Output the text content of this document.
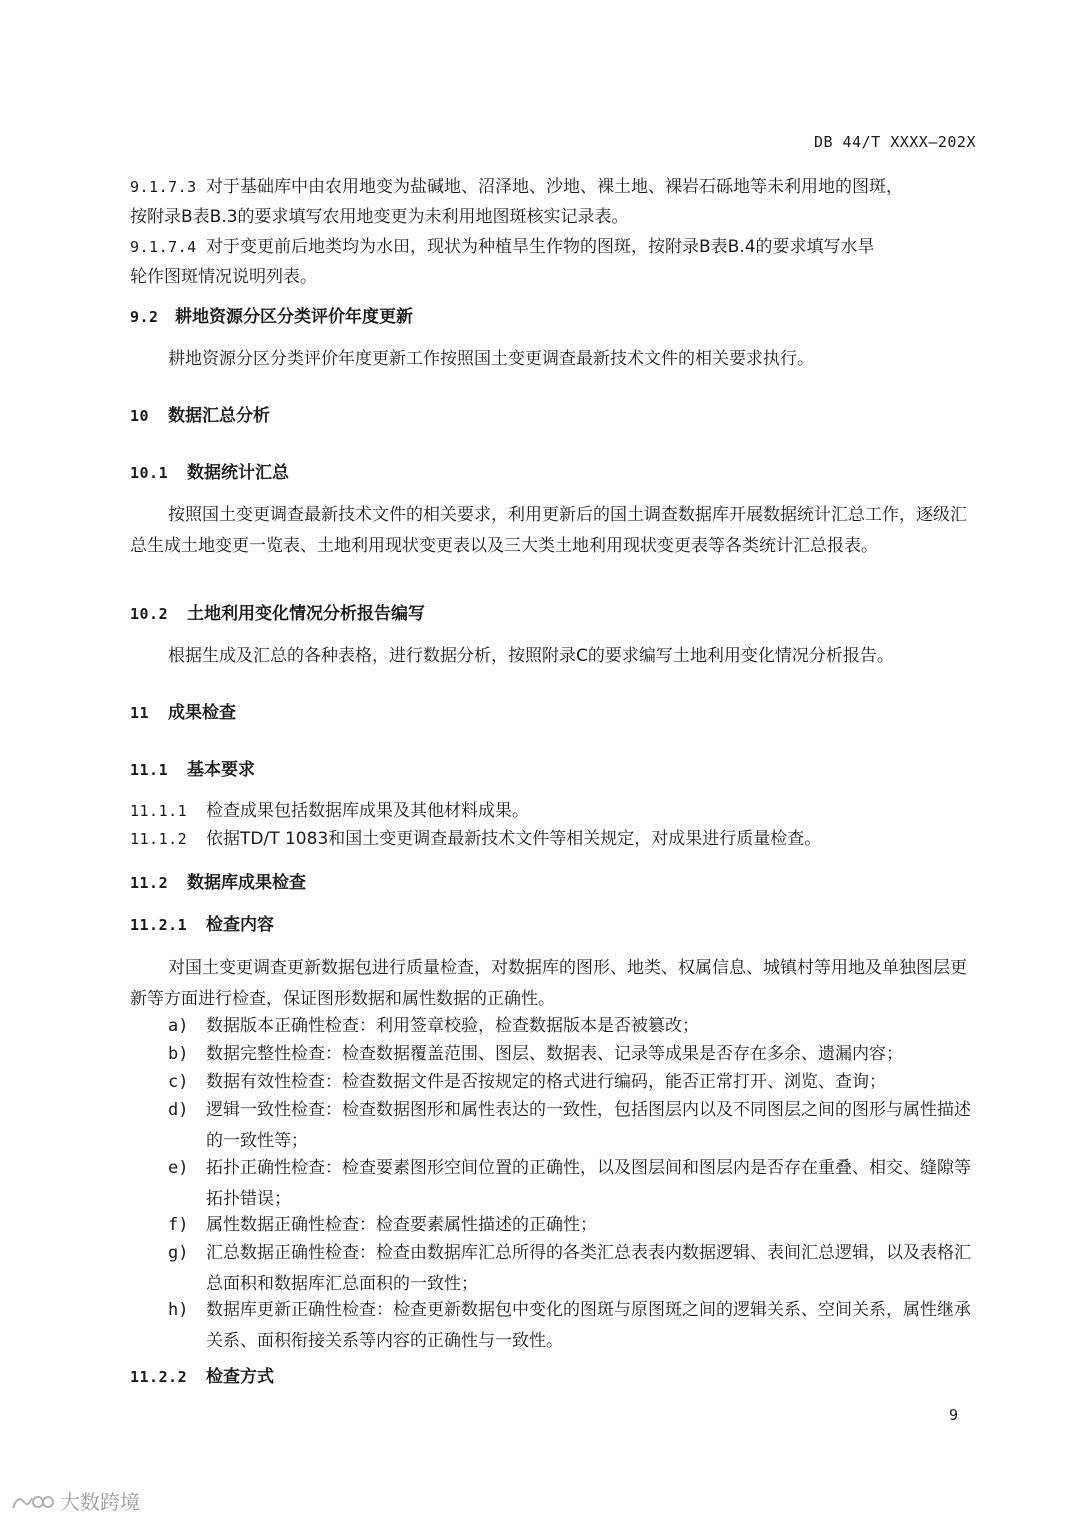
DB 44/T XXXX—202X
9.1.7.3 对于基础库中由农用地变为盐碱地、沼泽地、沙地、裸土地、裸岩石砾地等未利用地的图斑，
按附录B表B.3的要求填写农用地变更为未利用地图斑核实记录表。
9.1.7.4 对于变更前后地类均为水田，现状为种植旱生作物的图斑，按附录B表B.4的要求填写水旱
轮作图斑情况说明列表。
9.2 耕地资源分区分类评价年度更新
耕地资源分区分类评价年度更新工作按照国土变更调查最新技术文件的相关要求执行。
10 数据汇总分析
10.1 数据统计汇总
按照国土变更调查最新技术文件的相关要求，利用更新后的国土调查数据库开展数据统计汇总工作，逐级汇总生成土地变更一览表、土地利用现状变更表以及三大类土地利用现状变更表等各类统计汇总报表。
10.2 土地利用变化情况分析报告编写
根据生成及汇总的各种表格，进行数据分析，按照附录C的要求编写土地利用变化情况分析报告。
11 成果检查
11.1 基本要求
11.1.1 检查成果包括数据库成果及其他材料成果。
11.1.2 依据TD/T 1083和国土变更调查最新技术文件等相关规定，对成果进行质量检查。
11.2 数据库成果检查
11.2.1 检查内容
对国土变更调查更新数据包进行质量检查，对数据库的图形、地类、权属信息、城镇村等用地及单独图层更新等方面进行检查，保证图形数据和属性数据的正确性。
a)	数据版本正确性检查：利用签章校验，检查数据版本是否被篡改；
b)	数据完整性检查：检查数据覆盖范围、图层、数据表、记录等成果是否存在多余、遗漏内容；
c)	数据有效性检查：检查数据文件是否按规定的格式进行编码，能否正常打开、浏览、查询；
d)	逻辑一致性检查：检查数据图形和属性表达的一致性，包括图层内以及不同图层之间的图形与属性描述的一致性等；
e)	拓扑正确性检查：检查要素图形空间位置的正确性，以及图层间和图层内是否存在重叠、相交、缝隙等拓扑错误；
f)	属性数据正确性检查：检查要素属性描述的正确性；
g)	汇总数据正确性检查：检查由数据库汇总所得的各类汇总表表内数据逻辑、表间汇总逻辑，以及表格汇总面积和数据库汇总面积的一致性；
h)	数据库更新正确性检查：检查更新数据包中变化的图斑与原图斑之间的逻辑关系、空间关系，属性继承关系、面积衔接关系等内容的正确性与一致性。
11.2.2 检查方式
9
大数跨境
